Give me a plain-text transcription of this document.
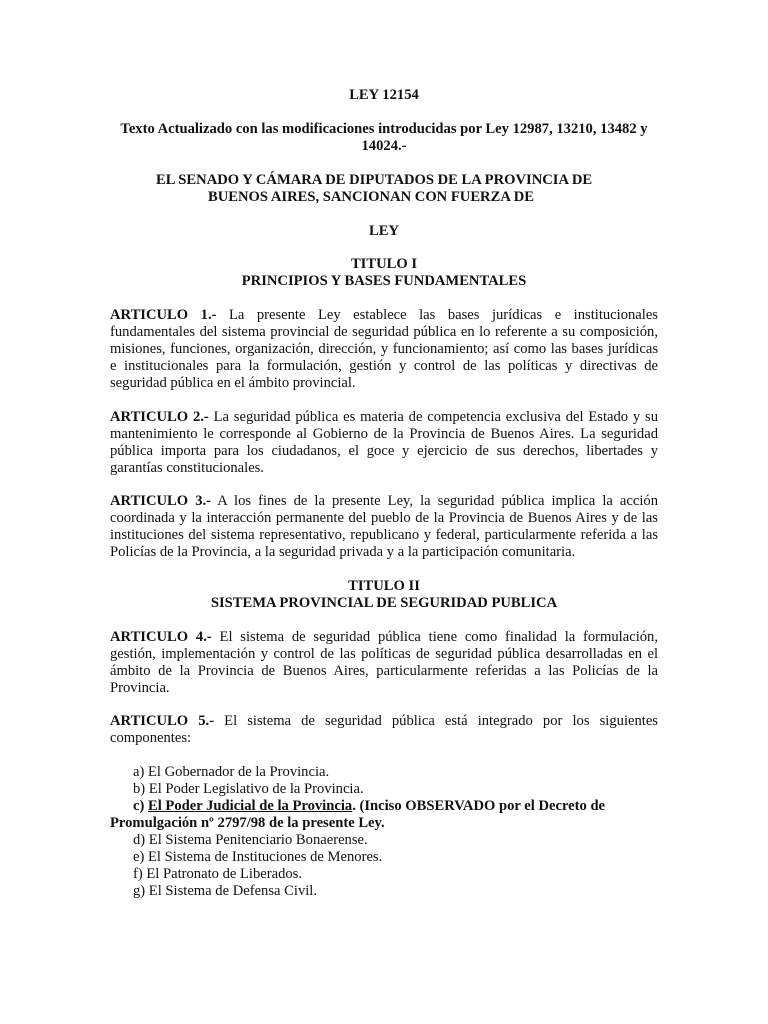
LEY 12154

Texto Actualizado con las modificaciones introducidas por Ley 12987, 13210, 13482 y 14024.-

EL SENADO Y CÁMARA DE DIPUTADOS DE LA PROVINCIA DE
BUENOS AIRES, SANCIONAN CON FUERZA DE

LEY

TITULO I
PRINCIPIOS Y BASES FUNDAMENTALES

ARTICULO 1.- La presente Ley establece las bases jurídicas e institucionales fundamentales del sistema provincial de seguridad pública en lo referente a su composición, misiones, funciones, organización, dirección, y funcionamiento; así como las bases jurídicas e institucionales para la formulación, gestión y control de las políticas y directivas de seguridad pública en el ámbito provincial.

ARTICULO 2.- La seguridad pública es materia de competencia exclusiva del Estado y su mantenimiento le corresponde al Gobierno de la Provincia de Buenos Aires. La seguridad pública importa para los ciudadanos, el goce y ejercicio de sus derechos, libertades y garantías constitucionales.

ARTICULO 3.- A los fines de la presente Ley, la seguridad pública implica la acción coordinada y la interacción permanente del pueblo de la Provincia de Buenos Aires y de las instituciones del sistema representativo, republicano y federal, particularmente referida a las Policías de la Provincia, a la seguridad privada y a la participación comunitaria.

TITULO II
SISTEMA PROVINCIAL DE SEGURIDAD PUBLICA

ARTICULO 4.- El sistema de seguridad pública tiene como finalidad la formulación, gestión, implementación y control de las políticas de seguridad pública desarrolladas en el ámbito de la Provincia de Buenos Aires, particularmente referidas a las Policías de la Provincia.

ARTICULO 5.- El sistema de seguridad pública está integrado por los siguientes componentes:

a) El Gobernador de la Provincia.
b) El Poder Legislativo de la Provincia.
c) El Poder Judicial de la Provincia. (Inciso OBSERVADO por el Decreto de
Promulgación nº 2797/98 de la presente Ley.
d) El Sistema Penitenciario Bonaerense.
e) El Sistema de Instituciones de Menores.
f) El Patronato de Liberados.
g) El Sistema de Defensa Civil.
